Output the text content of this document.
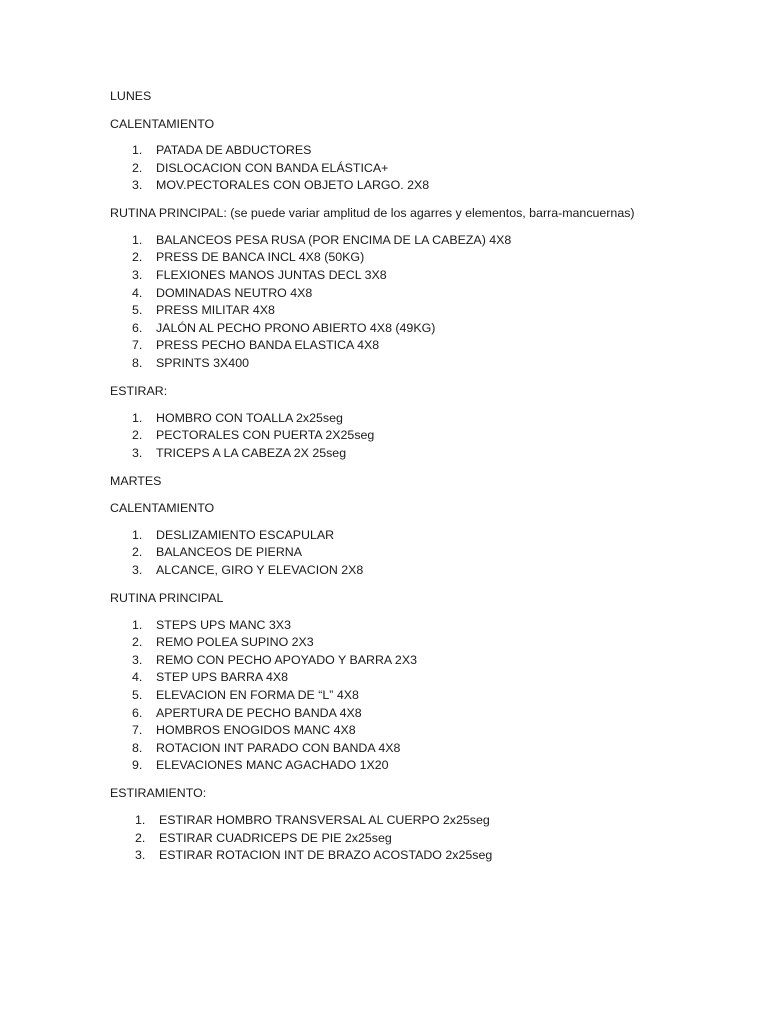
LUNES

CALENTAMIENTO

1.	PATADA DE ABDUCTORES
2.	DISLOCACION CON BANDA ELÁSTICA+
3.	MOV.PECTORALES CON OBJETO LARGO. 2X8

RUTINA PRINCIPAL: (se puede variar amplitud de los agarres y elementos, barra-mancuernas)

1.	BALANCEOS PESA RUSA (POR ENCIMA DE LA CABEZA) 4X8
2.	PRESS DE BANCA INCL 4X8 (50KG)
3.	FLEXIONES MANOS JUNTAS DECL 3X8
4.	DOMINADAS NEUTRO 4X8
5.	PRESS MILITAR 4X8
6.	JALÓN AL PECHO PRONO ABIERTO 4X8 (49KG)
7.	PRESS PECHO BANDA ELASTICA 4X8
8.	SPRINTS 3X400

ESTIRAR:

1.	HOMBRO CON TOALLA 2x25seg
2.	PECTORALES CON PUERTA 2X25seg
3.	TRICEPS A LA CABEZA 2X 25seg

MARTES

CALENTAMIENTO

1.	DESLIZAMIENTO ESCAPULAR
2.	BALANCEOS DE PIERNA
3.	ALCANCE, GIRO Y ELEVACION 2X8

RUTINA PRINCIPAL

1.	STEPS UPS MANC 3X3
2.	REMO POLEA SUPINO 2X3
3.	REMO CON PECHO APOYADO Y BARRA 2X3
4.	STEP UPS BARRA 4X8
5.	ELEVACION EN FORMA DE “L” 4X8
6.	APERTURA DE PECHO BANDA 4X8
7.	HOMBROS ENOGIDOS MANC 4X8
8.	ROTACION INT PARADO CON BANDA 4X8
9.	ELEVACIONES MANC AGACHADO 1X20

ESTIRAMIENTO:

1.	ESTIRAR HOMBRO TRANSVERSAL AL CUERPO 2x25seg
2.	ESTIRAR CUADRICEPS DE PIE 2x25seg
3.	ESTIRAR ROTACION INT DE BRAZO ACOSTADO 2x25seg
